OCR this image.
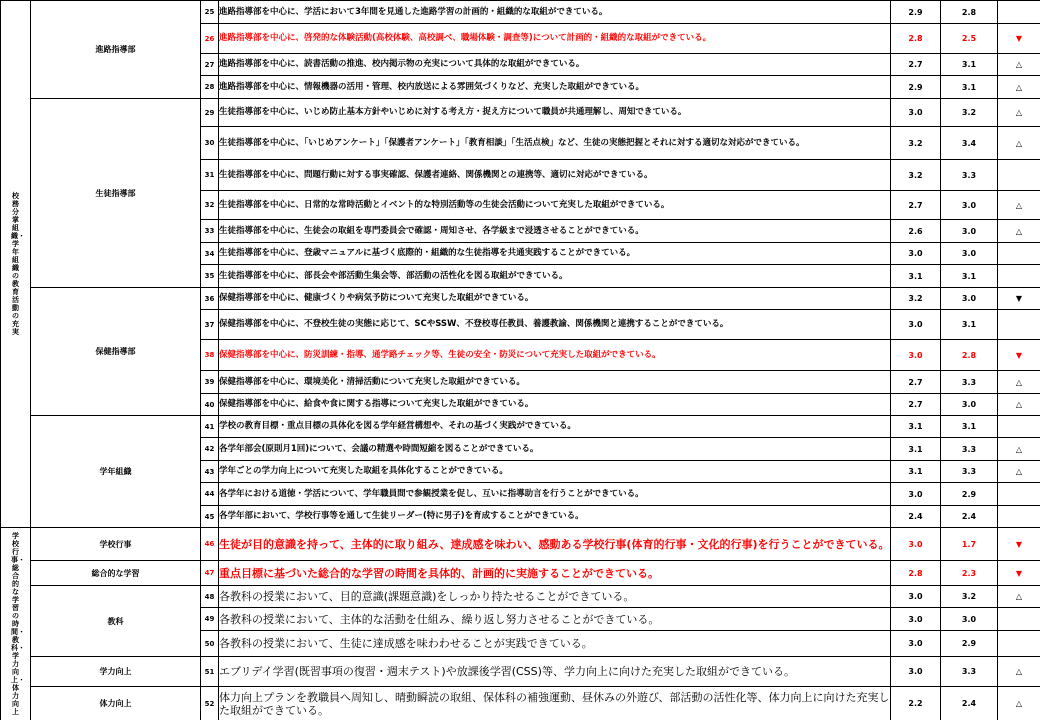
校務分掌組織・学年組織の教育活動の充実	進路指導部	25	進路指導部を中心に、学活において3年間を見通した進路学習の計画的・組織的な取組ができている。	2.9	2.8	
		26	進路指導部を中心に、啓発的な体験活動(高校体験、高校調べ、職場体験・調査等)について計画的・組織的な取組ができている。	2.8	2.5	▼
		27	進路指導部を中心に、読書活動の推進、校内掲示物の充実について具体的な取組ができている。	2.7	3.1	△
		28	進路指導部を中心に、情報機器の活用・管理、校内放送による雰囲気づくりなど、充実した取組ができている。	2.9	3.1	△
	生徒指導部	29	生徒指導部を中心に、いじめ防止基本方針やいじめに対する考え方・捉え方について職員が共通理解し、周知できている。	3.0	3.2	△
		30	生徒指導部を中心に、「いじめアンケート」「保護者アンケート」「教育相談」「生活点検」など、生徒の実態把握とそれに対する適切な対応ができている。	3.2	3.4	△
		31	生徒指導部を中心に、問題行動に対する事実確認、保護者連絡、関係機関との連携等、適切に対応ができている。	3.2	3.3	
		32	生徒指導部を中心に、日常的な常時活動とイベント的な特別活動等の生徒会活動について充実した取組ができている。	2.7	3.0	△
		33	生徒指導部を中心に、生徒会の取組を専門委員会で確認・周知させ、各学級まで浸透させることができている。	2.6	3.0	△
		34	生徒指導部を中心に、登歳マニュアルに基づく底際的・組織的な生徒指導を共通実践することができている。	3.0	3.0	
		35	生徒指導部を中心に、部長会や部活動生集会等、部活動の活性化を図る取組ができている。	3.1	3.1	
	保健指導部	36	保健指導部を中心に、健康づくりや病気予防について充実した取組ができている。	3.2	3.0	▼
		37	保健指導部を中心に、不登校生徒の実態に応じて、SCやSSW、不登校専任教員、養護教諭、関係機関と連携することができている。	3.0	3.1	
		38	保健指導部を中心に、防災訓練・指導、通学路チェック等、生徒の安全・防災について充実した取組ができている。	3.0	2.8	▼
		39	保健指導部を中心に、環境美化・清掃活動について充実した取組ができている。	2.7	3.3	△
		40	保健指導部を中心に、給食や食に関する指導について充実した取組ができている。	2.7	3.0	△
	学年組織	41	学校の教育目標・重点目標の具体化を図る学年経営構想や、それの基づく実践ができている。	3.1	3.1	
		42	各学年部会(原則月1回)について、会議の精選や時間短縮を図ることができている。	3.1	3.3	△
		43	学年ごとの学力向上について充実した取組を具体化することができている。	3.1	3.3	△
		44	各学年における道徳・学活について、学年職員間で参観授業を促し、互いに指導助言を行うことができている。	3.0	2.9	
		45	各学年部において、学校行事等を通して生徒リーダー(特に男子)を育成することができている。	2.4	2.4	
学校行事・総合的な学習の時間・教科・学力向上・体力向上	学校行事	46	生徒が目的意識を持って、主体的に取り組み、達成感を味わい、感動ある学校行事(体育的行事・文化的行事)を行うことができている。	3.0	1.7	▼
	総合的な学習	47	重点目標に基づいた総合的な学習の時間を具体的、計画的に実施することができている。	2.8	2.3	▼
	教科	48	各教科の授業において、目的意識(課題意識)をしっかり持たせることができている。	3.0	3.2	△
		49	各教科の授業において、主体的な活動を仕組み、繰り返し努力させることができている。	3.0	3.0	
		50	各教科の授業において、生徒に達成感を味わわせることが実践できている。	3.0	2.9	
	学力向上	51	エブリデイ学習(既習事項の復習・週末テスト)や放課後学習(CSS)等、学力向上に向けた充実した取組ができている。	3.0	3.3	△
	体力向上	52	体力向上プランを教職員へ周知し、晴動瞬読の取組、保体科の補強運動、昼休みの外遊び、部活動の活性化等、体力向上に向けた充実した取組ができている。	2.2	2.4	△
